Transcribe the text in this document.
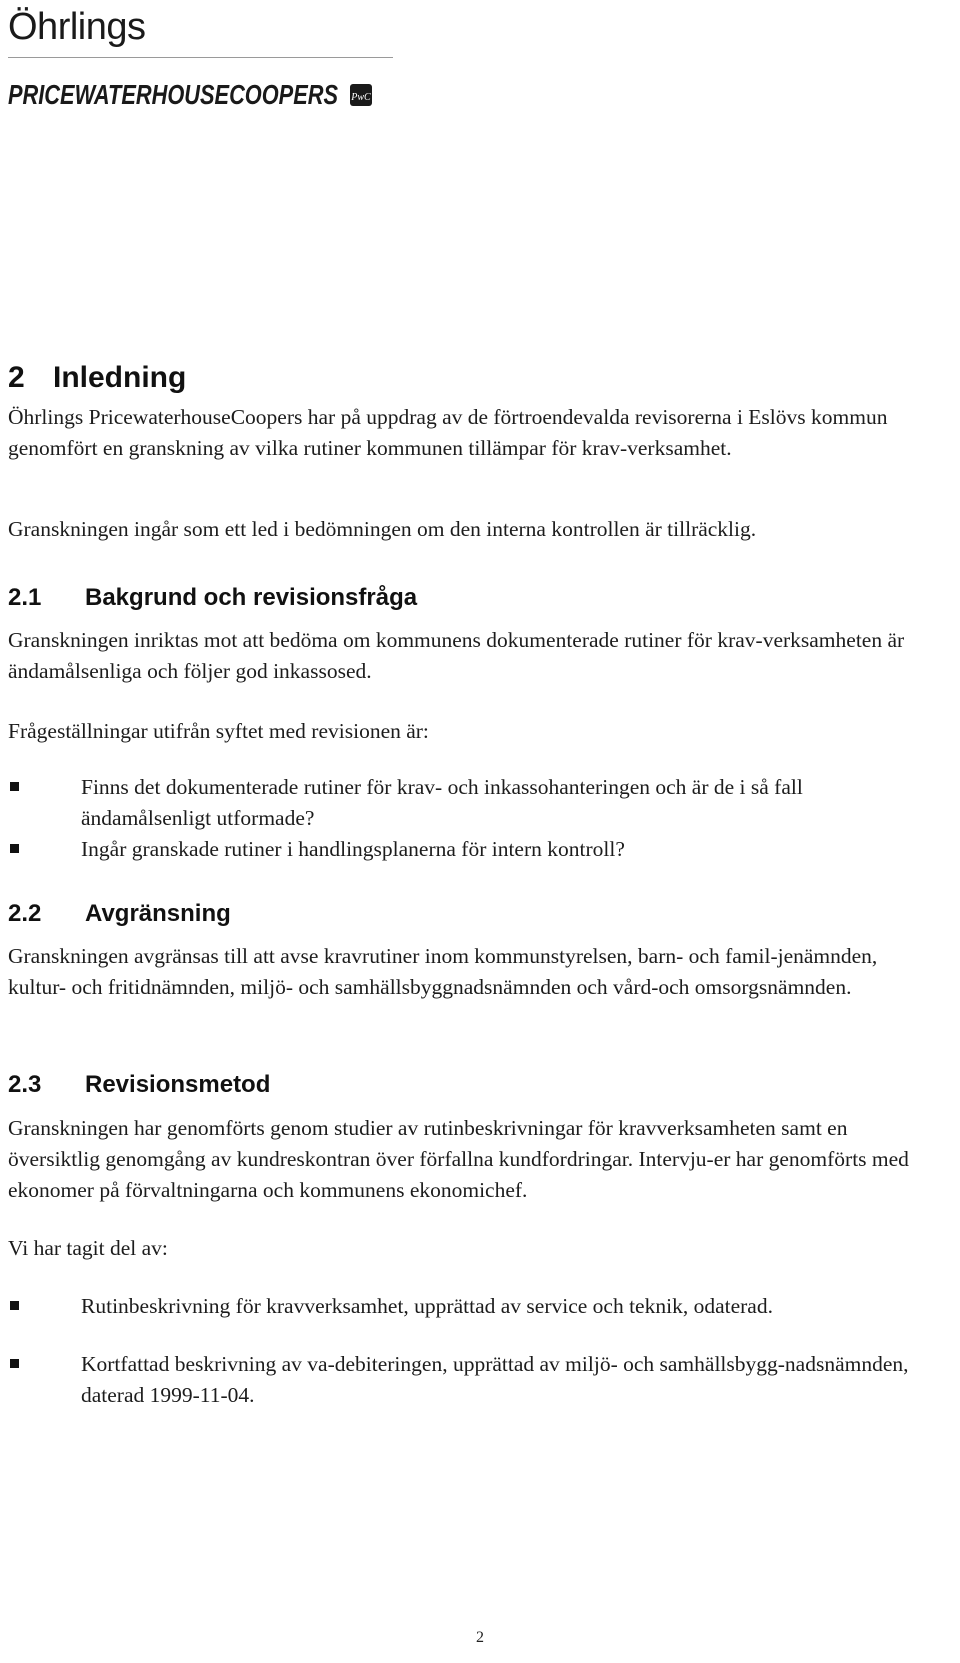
Öhrlings
PRICEWATERHOUSECOOPERS PwC
2 Inledning

Öhrlings PricewaterhouseCoopers har på uppdrag av de förtroendevalda revisorerna i Eslövs kommun genomfört en granskning av vilka rutiner kommunen tillämpar för krav-verksamhet.

Granskningen ingår som ett led i bedömningen om den interna kontrollen är tillräcklig.

2.1 Bakgrund och revisionsfråga

Granskningen inriktas mot att bedöma om kommunens dokumenterade rutiner för krav-verksamheten är ändamålsenliga och följer god inkassosed.

Frågeställningar utifrån syftet med revisionen är:

Finns det dokumenterade rutiner för krav- och inkassohanteringen och är de i så fall ändamålsenligt utformade?
Ingår granskade rutiner i handlingsplanerna för intern kontroll?
2.2 Avgränsning

Granskningen avgränsas till att avse kravrutiner inom kommunstyrelsen, barn- och famil-jenämnden, kultur- och fritidnämnden, miljö- och samhällsbyggnadsnämnden och vård-och omsorgsnämnden.

2.3 Revisionsmetod

Granskningen har genomförts genom studier av rutinbeskrivningar för kravverksamheten samt en översiktlig genomgång av kundreskontran över förfallna kundfordringar. Intervju-er har genomförts med ekonomer på förvaltningarna och kommunens ekonomichef.

Vi har tagit del av:

Rutinbeskrivning för kravverksamhet, upprättad av service och teknik, odaterad.
Kortfattad beskrivning av va-debiteringen, upprättad av miljö- och samhällsbygg-nadsnämnden, daterad 1999-11-04.
2
